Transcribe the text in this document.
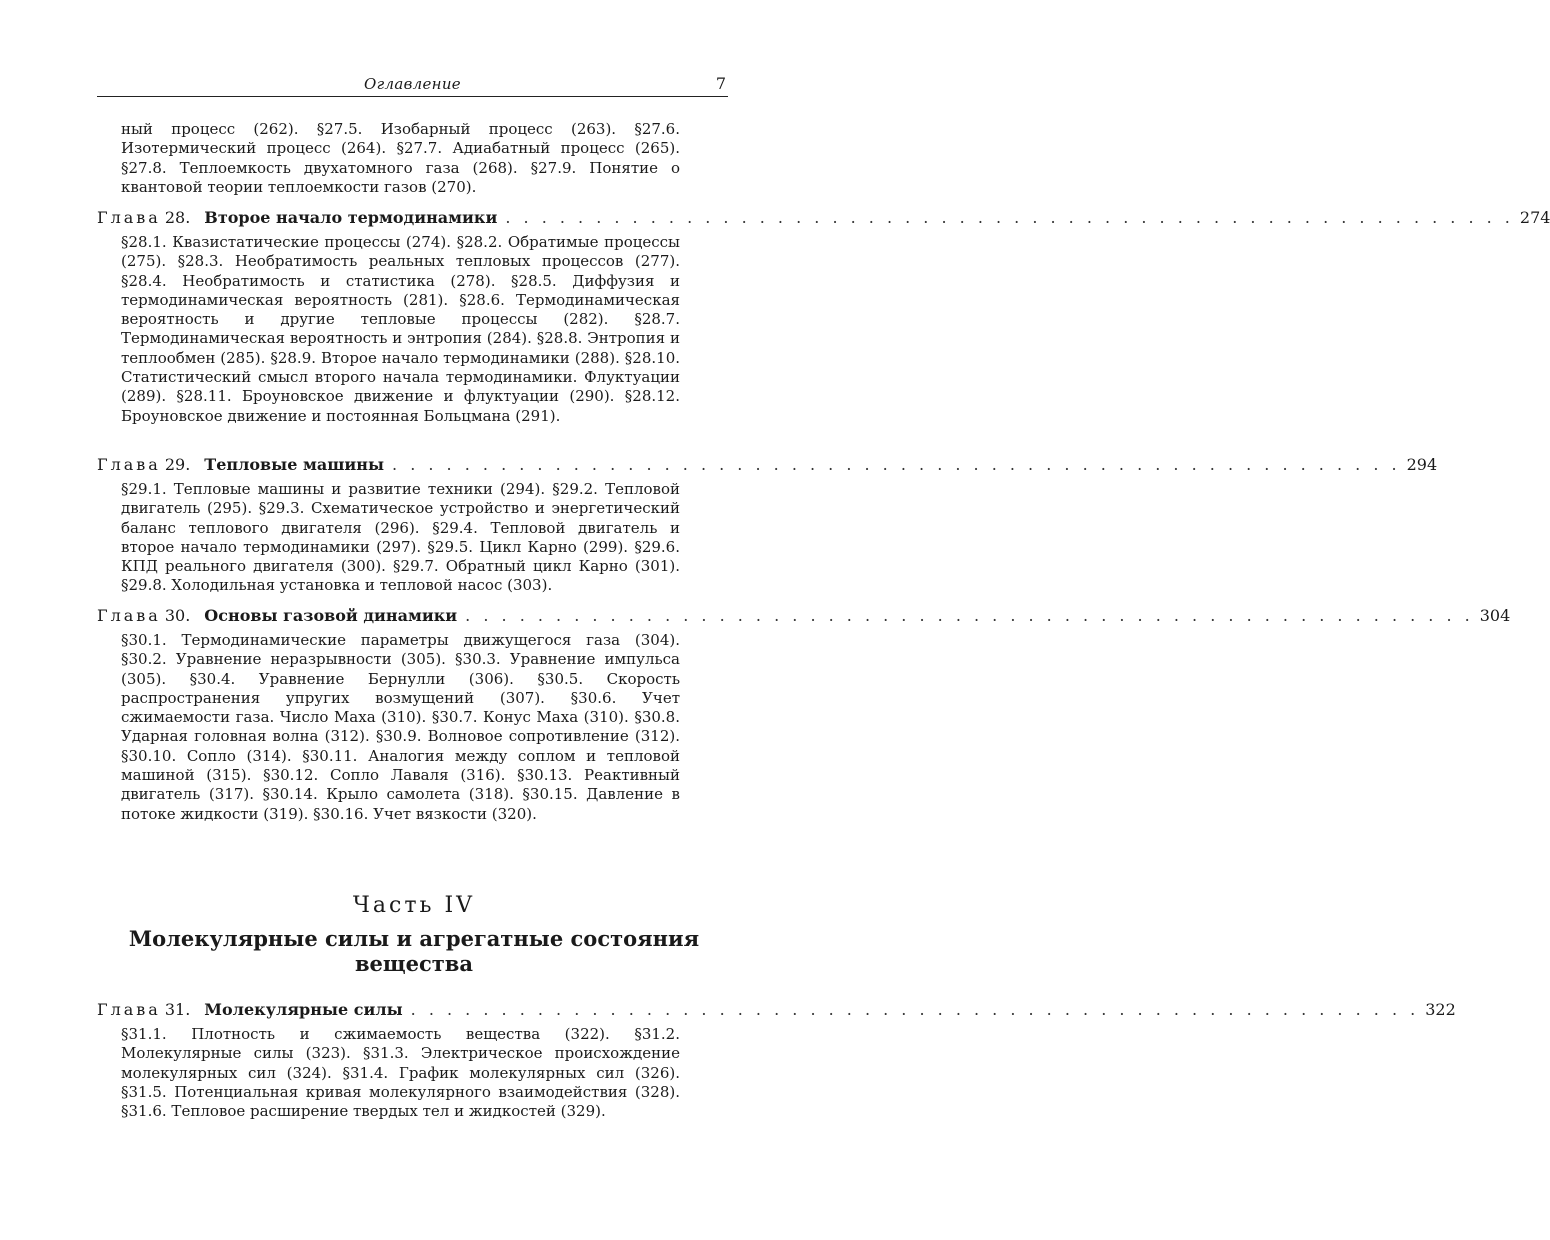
Оглавление	7

ный процесс (262). §27.5. Изобарный процесс (263). §27.6. Изотермический процесс (264). §27.7. Адиабатный процесс (265). §27.8. Теплоемкость двухатомного газа (268). §27.9. Понятие о квантовой теории теплоемкости газов (270).

Глава 28. Второе начало термодинамики . . . . . . . . . . . . . . . . . . . . . . . . . . . . . . . . . . . . . . . . . . . . . . . . . . . . . . . . 274

§28.1. Квазистатические процессы (274). §28.2. Обратимые процессы (275). §28.3. Необратимость реальных тепловых процессов (277). §28.4. Необратимость и статистика (278). §28.5. Диффузия и термодинамическая вероятность (281). §28.6. Термодинамическая вероятность и другие тепловые процессы (282). §28.7. Термодинамическая вероятность и энтропия (284). §28.8. Энтропия и теплообмен (285). §28.9. Второе начало термодинамики (288). §28.10. Статистический смысл второго начала термодинамики. Флуктуации (289). §28.11. Броуновское движение и флуктуации (290). §28.12. Броуновское движение и постоянная Больцмана (291).

Глава 29. Тепловые машины . . . . . . . . . . . . . . . . . . . . . . . . . . . . . . . . . . . . . . . . . . . . . . . . . . . . . . . . 294

§29.1. Тепловые машины и развитие техники (294). §29.2. Тепловой двигатель (295). §29.3. Схематическое устройство и энергетический баланс теплового двигателя (296). §29.4. Тепловой двигатель и второе начало термодинамики (297). §29.5. Цикл Карно (299). §29.6. КПД реального двигателя (300). §29.7. Обратный цикл Карно (301). §29.8. Холодильная установка и тепловой насос (303).

Глава 30. Основы газовой динамики . . . . . . . . . . . . . . . . . . . . . . . . . . . . . . . . . . . . . . . . . . . . . . . . . . . . . . . . 304

§30.1. Термодинамические параметры движущегося газа (304). §30.2. Уравнение неразрывности (305). §30.3. Уравнение импульса (305). §30.4. Уравнение Бернулли (306). §30.5. Скорость распространения упругих возмущений (307). §30.6. Учет сжимаемости газа. Число Маха (310). §30.7. Конус Маха (310). §30.8. Ударная головная волна (312). §30.9. Волновое сопротивление (312). §30.10. Сопло (314). §30.11. Аналогия между соплом и тепловой машиной (315). §30.12. Сопло Лаваля (316). §30.13. Реактивный двигатель (317). §30.14. Крыло самолета (318). §30.15. Давление в потоке жидкости (319). §30.16. Учет вязкости (320).

Часть IV
Молекулярные силы и агрегатные состояния вещества
Глава 31. Молекулярные силы . . . . . . . . . . . . . . . . . . . . . . . . . . . . . . . . . . . . . . . . . . . . . . . . . . . . . . . . 322

§31.1. Плотность и сжимаемость вещества (322). §31.2. Молекулярные силы (323). §31.3. Электрическое происхождение молекулярных сил (324). §31.4. График молекулярных сил (326). §31.5. Потенциальная кривая молекулярного взаимодействия (328). §31.6. Тепловое расширение твердых тел и жидкостей (329).
